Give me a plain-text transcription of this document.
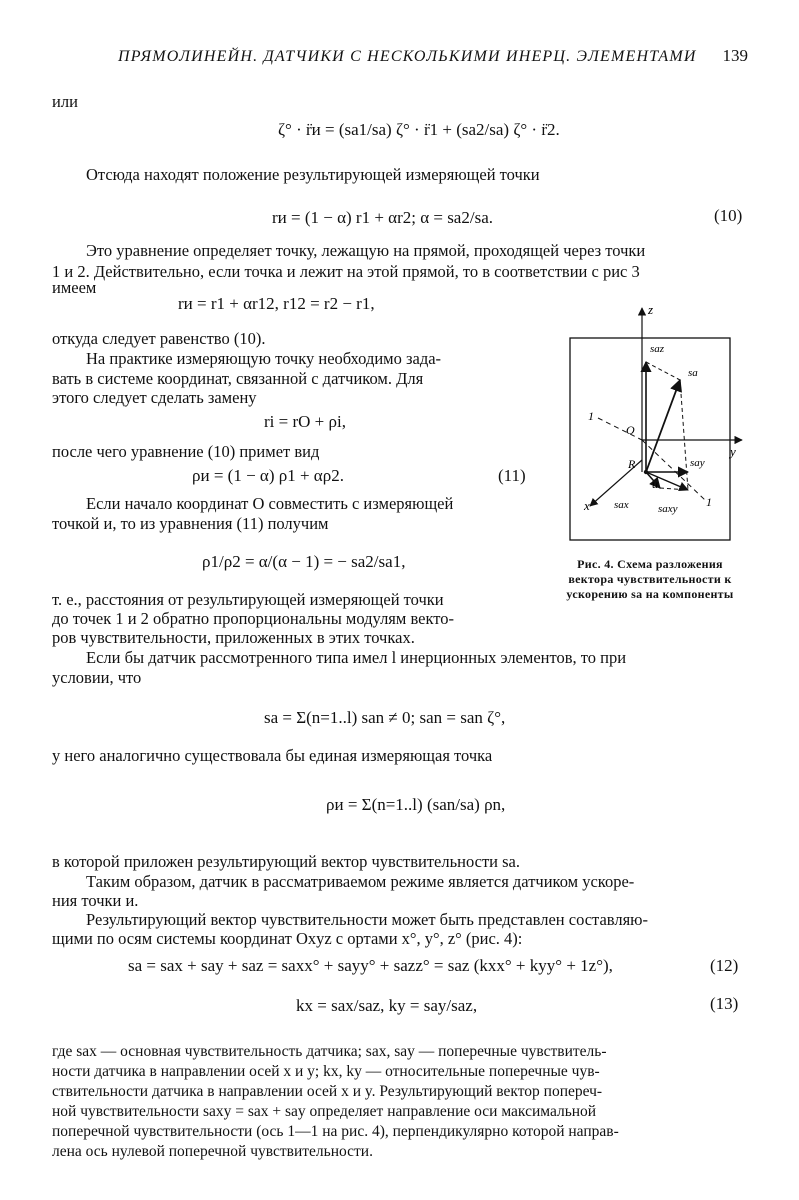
ПРЯМОЛИНЕЙН. ДАТЧИКИ С НЕСКОЛЬКИМИ ИНЕРЦ. ЭЛЕМЕНТАМИ 139
или
ζ° · r̈и = (sa1/sa) ζ° · r̈1 + (sa2/sa) ζ° · r̈2.
Отсюда находят положение результирующей измеряющей точки
rи = (1 − α) r1 + αr2; α = sa2/sa.	(10)
Это уравнение определяет точку, лежащую на прямой, проходящей через точки
1 и 2. Действительно, если точка и лежит на этой прямой, то в соответствии с рис 3
имеем
rи = r1 + αr12, r12 = r2 − r1,
откуда следует равенство (10).
На практике измеряющую точку необходимо зада-
вать в системе координат, связанной с датчиком. Для
этого следует сделать замену
ri = rO + ρi,
после чего уравнение (10) примет вид
ρи = (1 − α) ρ1 + αρ2.	(11)
Если начало координат O совместить с измеряющей
точкой и, то из уравнения (11) получим
ρ1/ρ2 = α/(α − 1) = − sa2/sa1,
т. е., расстояния от результирующей измеряющей точки
до точек 1 и 2 обратно пропорциональны модулям векто-
ров чувствительности, приложенных в этих точках.
Если бы датчик рассмотренного типа имел l инерционных элементов, то при
условии, что
sa = Σ(n=1..l) san ≠ 0; san = san ζ°,
у него аналогично существовала бы единая измеряющая точка
ρи = Σ(n=1..l) (san/sa) ρn,
в которой приложен результирующий вектор чувствительности sa.
Таким образом, датчик в рассматриваемом режиме является датчиком ускоре-
ния точки и.
Результирующий вектор чувствительности может быть представлен составляю-
щими по осям системы координат Oxyz с ортами x°, y°, z° (рис. 4):
sa = sax + say + saz = saxx° + sayy° + sazz° = saz (kxx° + kyy° + 1z°),	(12)
kx = sax/saz, ky = say/saz,	(13)
где sax — основная чувствительность датчика; sax, say — поперечные чувствитель-
ности датчика в направлении осей x и y; kx, ky — относительные поперечные чув-
ствительности датчика в направлении осей x и y. Результирующий вектор попереч-
ной чувствительности saxy = sax + say определяет направление оси максимальной
поперечной чувствительности (ось 1—1 на рис. 4), перпендикулярно которой направ-
лена ось нулевой поперечной чувствительности.
z
y
x
O
R
и
1
1
saz
sa
say
sax	saxy
Рис. 4. Схема разложения вектора чувствительности к ускорению sa на компоненты
